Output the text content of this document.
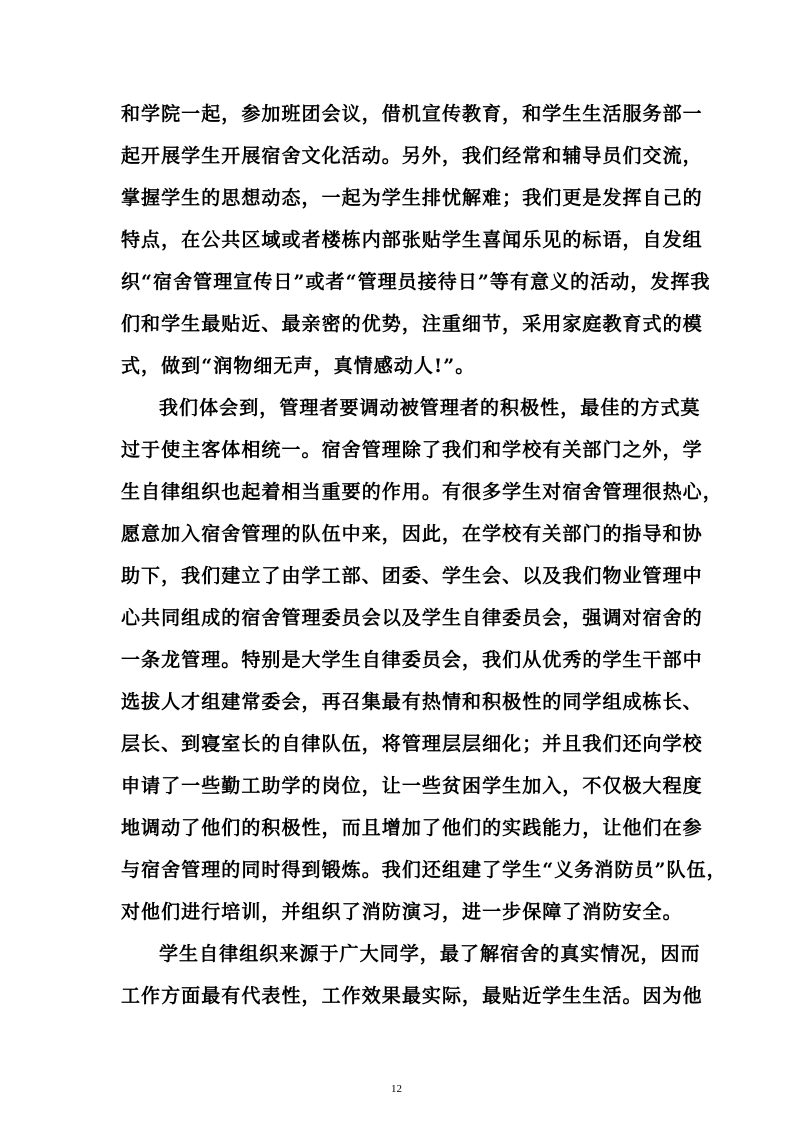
和学院一起，参加班团会议，借机宣传教育，和学生生活服务部一
起开展学生开展宿舍文化活动。另外，我们经常和辅导员们交流，
掌握学生的思想动态，一起为学生排忧解难；我们更是发挥自己的
特点，在公共区域或者楼栋内部张贴学生喜闻乐见的标语，自发组
织“宿舍管理宣传日”或者“管理员接待日”等有意义的活动，发挥我
们和学生最贴近、最亲密的优势，注重细节，采用家庭教育式的模
式，做到“润物细无声，真情感动人!”。
我们体会到，管理者要调动被管理者的积极性，最佳的方式莫
过于使主客体相统一。宿舍管理除了我们和学校有关部门之外，学
生自律组织也起着相当重要的作用。有很多学生对宿舍管理很热心，
愿意加入宿舍管理的队伍中来，因此，在学校有关部门的指导和协
助下，我们建立了由学工部、团委、学生会、以及我们物业管理中
心共同组成的宿舍管理委员会以及学生自律委员会，强调对宿舍的
一条龙管理。特别是大学生自律委员会，我们从优秀的学生干部中
选拔人才组建常委会，再召集最有热情和积极性的同学组成栋长、
层长、到寝室长的自律队伍，将管理层层细化；并且我们还向学校
申请了一些勤工助学的岗位，让一些贫困学生加入，不仅极大程度
地调动了他们的积极性，而且增加了他们的实践能力，让他们在参
与宿舍管理的同时得到锻炼。我们还组建了学生“义务消防员”队伍，
对他们进行培训，并组织了消防演习，进一步保障了消防安全。
学生自律组织来源于广大同学，最了解宿舍的真实情况，因而
工作方面最有代表性，工作效果最实际，最贴近学生生活。因为他
12
